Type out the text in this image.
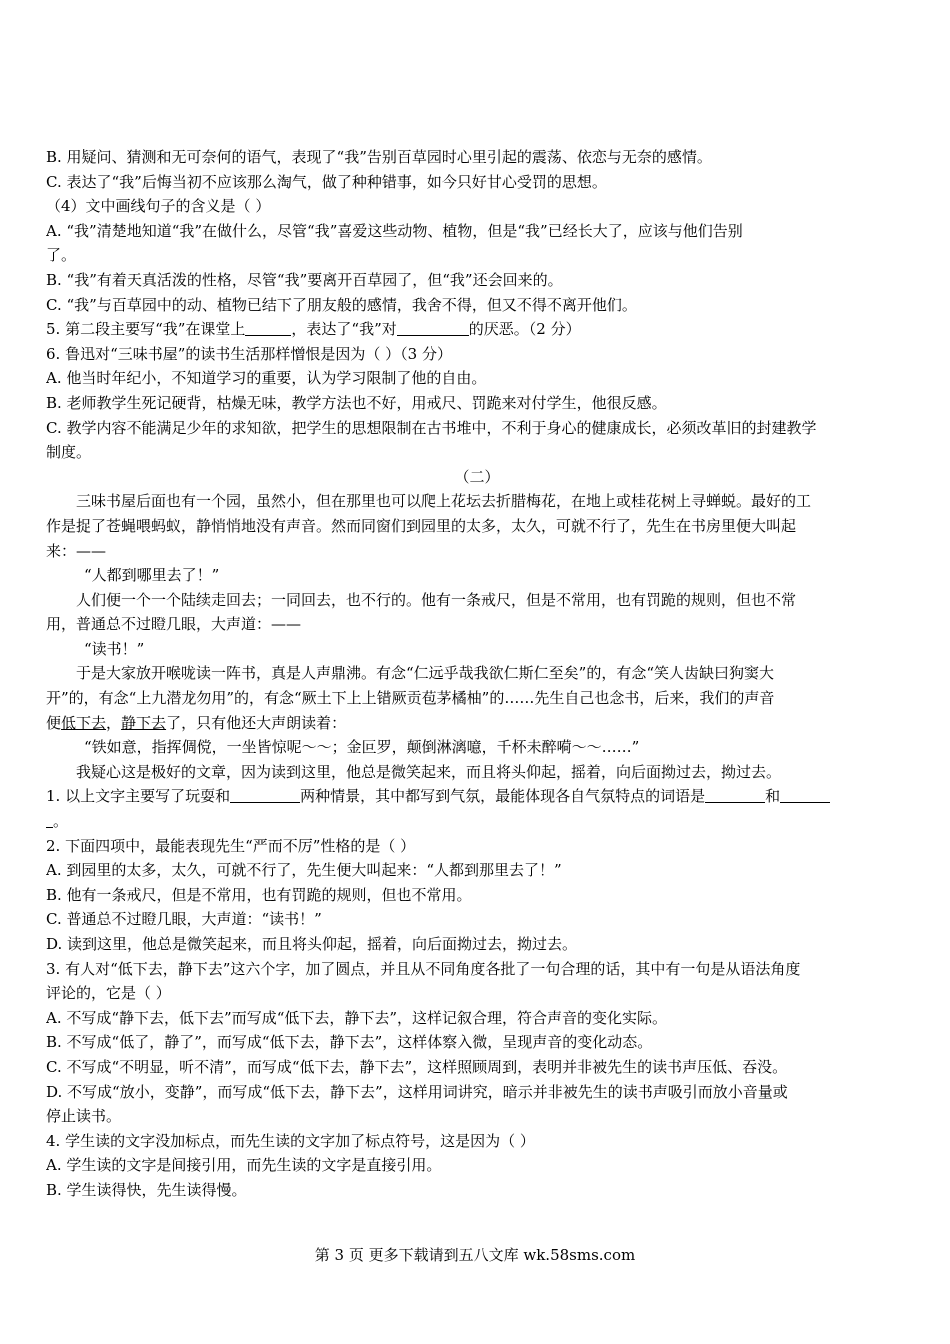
B. 用疑问、猜测和无可奈何的语气，表现了“我”告别百草园时心里引起的震荡、依恋与无奈的感情。
C. 表达了“我”后悔当初不应该那么淘气，做了种种错事，如今只好甘心受罚的思想。
（4）文中画线句子的含义是（ ）
A. “我”清楚地知道“我”在做什么，尽管“我”喜爱这些动物、植物，但是“我”已经长大了，应该与他们告别
了。
B. “我”有着天真活泼的性格，尽管“我”要离开百草园了，但“我”还会回来的。
C. “我”与百草园中的动、植物已结下了朋友般的感情，我舍不得，但又不得不离开他们。
5. 第二段主要写“我”在课堂上	，表达了“我”对	的厌恶。（2 分）
6. 鲁迅对“三味书屋”的读书生活那样憎恨是因为（ ）（3 分）
A. 他当时年纪小，不知道学习的重要，认为学习限制了他的自由。
B. 老师教学生死记硬背，枯燥无味，教学方法也不好，用戒尺、罚跪来对付学生，他很反感。
C. 教学内容不能满足少年的求知欲，把学生的思想限制在古书堆中，不利于身心的健康成长，必须改革旧的封建教学
制度。
（二）
三味书屋后面也有一个园，虽然小，但在那里也可以爬上花坛去折腊梅花，在地上或桂花树上寻蝉蜕。最好的工
作是捉了苍蝇喂蚂蚁，静悄悄地没有声音。然而同窗们到园里的太多，太久，可就不行了，先生在书房里便大叫起
来：——
“人都到哪里去了！”
人们便一个一个陆续走回去；一同回去，也不行的。他有一条戒尺，但是不常用，也有罚跪的规则，但也不常
用，普通总不过瞪几眼，大声道：——
“读书！”
于是大家放开喉咙读一阵书，真是人声鼎沸。有念“仁远乎哉我欲仁斯仁至矣”的，有念“笑人齿缺曰狗窦大
开”的，有念“上九潜龙勿用”的，有念“厥土下上上错厥贡苞茅橘柚”的……先生自己也念书，后来，我们的声音
便低下去，静下去了，只有他还大声朗读着：
“铁如意，指挥倜傥，一坐皆惊呢～～；金叵罗，颠倒淋漓噫，千杯未醉嗬～～……”
我疑心这是极好的文章，因为读到这里，他总是微笑起来，而且将头仰起，摇着，向后面拗过去，拗过去。
1. 以上文字主要写了玩耍和	两种情景，其中都写到气氛，最能体现各自气氛特点的词语是	和
。
2. 下面四项中，最能表现先生“严而不厉”性格的是（ ）
A. 到园里的太多，太久，可就不行了，先生便大叫起来：“人都到那里去了！”
B. 他有一条戒尺，但是不常用，也有罚跪的规则，但也不常用。
C. 普通总不过瞪几眼，大声道：“读书！”
D. 读到这里，他总是微笑起来，而且将头仰起，摇着，向后面拗过去，拗过去。
3. 有人对“低下去，静下去”这六个字，加了圆点，并且从不同角度各批了一句合理的话，其中有一句是从语法角度
评论的，它是（ ）
A. 不写成“静下去，低下去”而写成“低下去，静下去”，这样记叙合理，符合声音的变化实际。
B. 不写成“低了，静了”，而写成“低下去，静下去”，这样体察入微，呈现声音的变化动态。
C. 不写成“不明显，听不清”，而写成“低下去，静下去”，这样照顾周到，表明并非被先生的读书声压低、吞没。
D. 不写成“放小，变静”，而写成“低下去，静下去”，这样用词讲究，暗示并非被先生的读书声吸引而放小音量或
停止读书。
4. 学生读的文字没加标点，而先生读的文字加了标点符号，这是因为（ ）
A. 学生读的文字是间接引用，而先生读的文字是直接引用。
B. 学生读得快，先生读得慢。
第 3 页 更多下载请到五八文库 wk.58sms.com
